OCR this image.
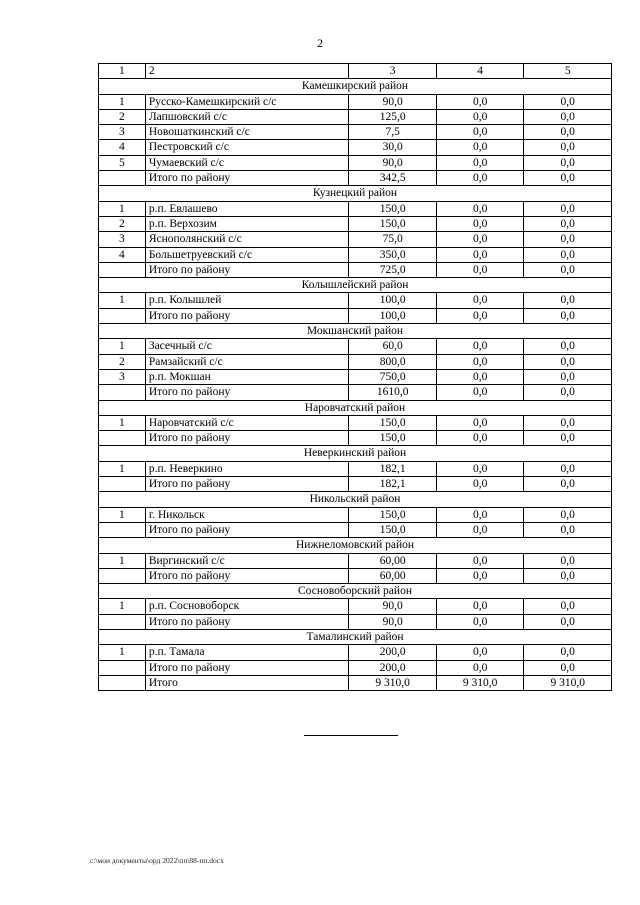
2
1	2	3	4	5
Камешкирский район				
1	Русско-Камешкирский с/с	90,0	0,0	0,0
2	Лапшовский с/с	125,0	0,0	0,0
3	Новошаткинский с/с	7,5	0,0	0,0
4	Пестровский с/с	30,0	0,0	0,0
5	Чумаевский с/с	90,0	0,0	0,0
	Итого по району	342,5	0,0	0,0
Кузнецкий район				
1	р.п. Евлашево	150,0	0,0	0,0
2	р.п. Верхозим	150,0	0,0	0,0
3	Яснополянский с/с	75,0	0,0	0,0
4	Большетруевский с/с	350,0	0,0	0,0
	Итого по району	725,0	0,0	0,0
Колышлейский район				
1	р.п. Колышлей	100,0	0,0	0,0
	Итого по району	100,0	0,0	0,0
Мокшанский район				
1	Засечный с/с	60,0	0,0	0,0
2	Рамзайский с/с	800,0	0,0	0,0
3	р.п. Мокшан	750,0	0,0	0,0
	Итого по району	1610,0	0,0	0,0
Наровчатский район				
1	Наровчатский с/с	150,0	0,0	0,0
	Итого по району	150,0	0,0	0,0
Неверкинский район				
1	р.п. Неверкино	182,1	0,0	0,0
	Итого по району	182,1	0,0	0,0
Никольский район				
1	г. Никольск	150,0	0,0	0,0
	Итого по району	150,0	0,0	0,0
Нижнеломовский район				
1	Виргинский с/с	60,00	0,0	0,0
	Итого по району	60,00	0,0	0,0
Сосновоборский район				
1	р.п. Сосновоборск	90,0	0,0	0,0
	Итого по району	90,0	0,0	0,0
Тамалинский район				
1	р.п. Тамала	200,0	0,0	0,0
	Итого по району	200,0	0,0	0,0
	Итого	9 310,0	9 310,0	9 310,0
c:\мои документы\орд 2022\пп\88-пп.docx
